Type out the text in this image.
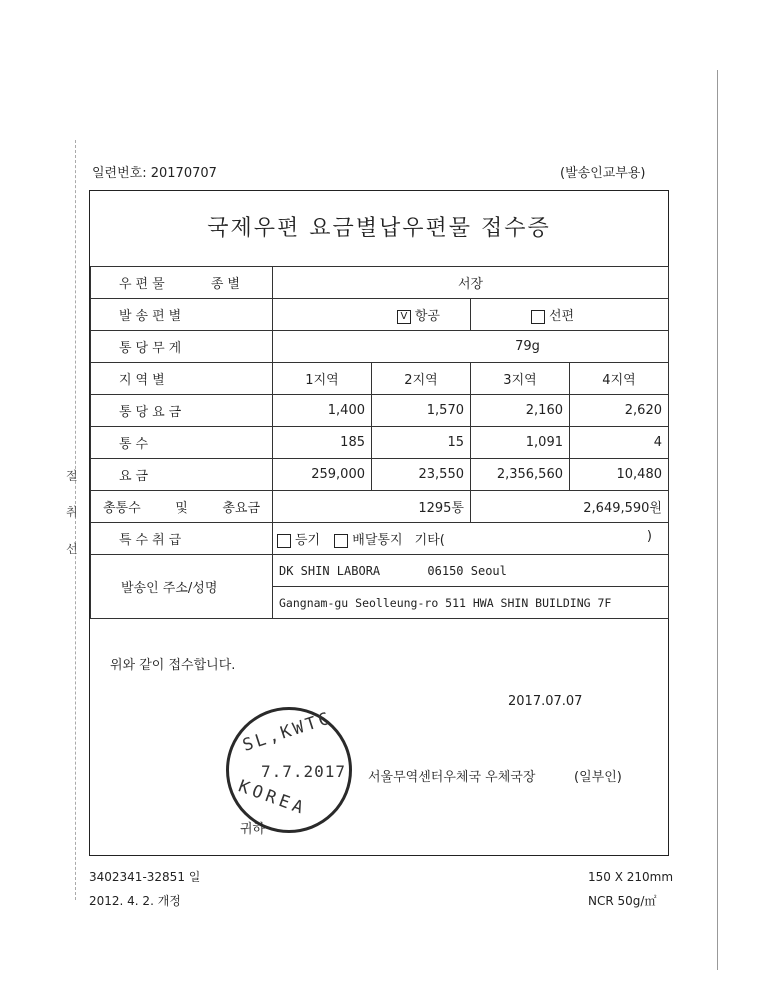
절
취
선
일련번호: 20170707	(발송인교부용)
국제우편 요금별납우편물 접수증
우편물 종별	서장			
발송편별	V 항공		선편	
통당무게	79g			
지역별	1지역	2지역	3지역	4지역
통당요금	1,400	1,570	2,160	2,620
통수	185	15	1,091	4
요금	259,000	23,550	2,356,560	10,480
총통수 및 총요금	1295통		2,649,590원	
특수취급	등기 배달통지 기타( )			

발송인 주소/성명	DK SHIN LABORA 06150 Seoul			
	Gangnam-gu Seolleung-ro 511 HWA SHIN BUILDING 7F			
위와 같이 접수합니다.
2017.07.07
서울무역센터우체국 우체국장	(일부인)
SL,KWTC
7.7.2017
KOREA
귀하
3402341-32851 일
2012. 4. 2. 개정
150 X 210mm
NCR 50g/㎡
